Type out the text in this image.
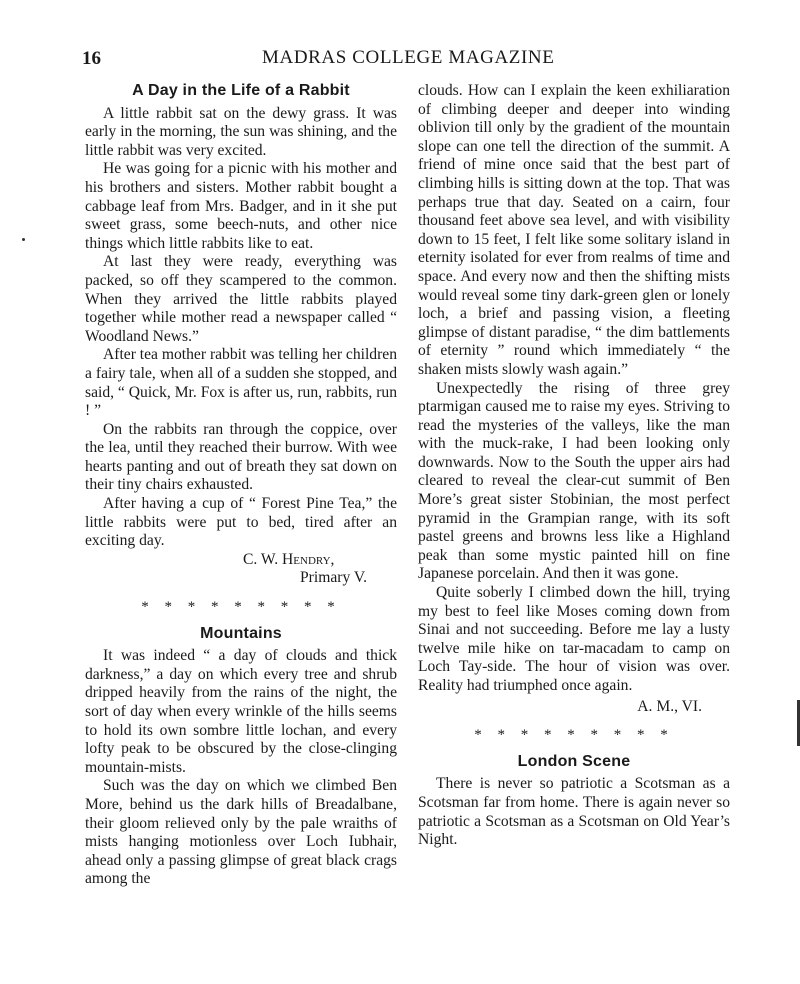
16	MADRAS COLLEGE MAGAZINE
A Day in the Life of a Rabbit

A little rabbit sat on the dewy grass. It was early in the morning, the sun was shining, and the little rabbit was very excited.

He was going for a picnic with his mother and his brothers and sisters. Mother rabbit bought a cabbage leaf from Mrs. Badger, and in it she put sweet grass, some beech-nuts, and other nice things which little rabbits like to eat.

At last they were ready, everything was packed, so off they scampered to the common. When they arrived the little rabbits played together while mother read a newspaper called “ Woodland News.”

After tea mother rabbit was telling her children a fairy tale, when all of a sudden she stopped, and said, “ Quick, Mr. Fox is after us, run, rabbits, run ! ”

On the rabbits ran through the coppice, over the lea, until they reached their burrow. With wee hearts panting and out of breath they sat down on their tiny chairs exhausted.

After having a cup of “ Forest Pine Tea,” the little rabbits were put to bed, tired after an exciting day.

C. W. Hendry,
Primary V.
* * * * * * * * *
Mountains

It was indeed “ a day of clouds and thick darkness,” a day on which every tree and shrub dripped heavily from the rains of the night, the sort of day when every wrinkle of the hills seems to hold its own sombre little lochan, and every lofty peak to be obscured by the close-clinging mountain-mists.

Such was the day on which we climbed Ben More, behind us the dark hills of Breadalbane, their gloom relieved only by the pale wraiths of mists hanging motionless over Loch Iubhair, ahead only a passing glimpse of great black crags among the

clouds. How can I explain the keen exhiliaration of climbing deeper and deeper into winding oblivion till only by the gradient of the mountain slope can one tell the direction of the summit. A friend of mine once said that the best part of climbing hills is sitting down at the top. That was perhaps true that day. Seated on a cairn, four thousand feet above sea level, and with visibility down to 15 feet, I felt like some solitary island in eternity isolated for ever from realms of time and space. And every now and then the shifting mists would reveal some tiny dark-green glen or lonely loch, a brief and passing vision, a fleeting glimpse of distant paradise, “ the dim battlements of eternity ” round which immediately “ the shaken mists slowly wash again.”

Unexpectedly the rising of three grey ptarmigan caused me to raise my eyes. Striving to read the mysteries of the valleys, like the man with the muck-rake, I had been looking only downwards. Now to the South the upper airs had cleared to reveal the clear-cut summit of Ben More’s great sister Stobinian, the most perfect pyramid in the Grampian range, with its soft pastel greens and browns less like a Highland peak than some mystic painted hill on fine Japanese porcelain. And then it was gone.

Quite soberly I climbed down the hill, trying my best to feel like Moses coming down from Sinai and not succeeding. Before me lay a lusty twelve mile hike on tar-macadam to camp on Loch Tay-side. The hour of vision was over. Reality had triumphed once again.

A. M., VI.
* * * * * * * * *
London Scene

There is never so patriotic a Scotsman as a Scotsman far from home. There is again never so patriotic a Scotsman as a Scotsman on Old Year’s Night.
